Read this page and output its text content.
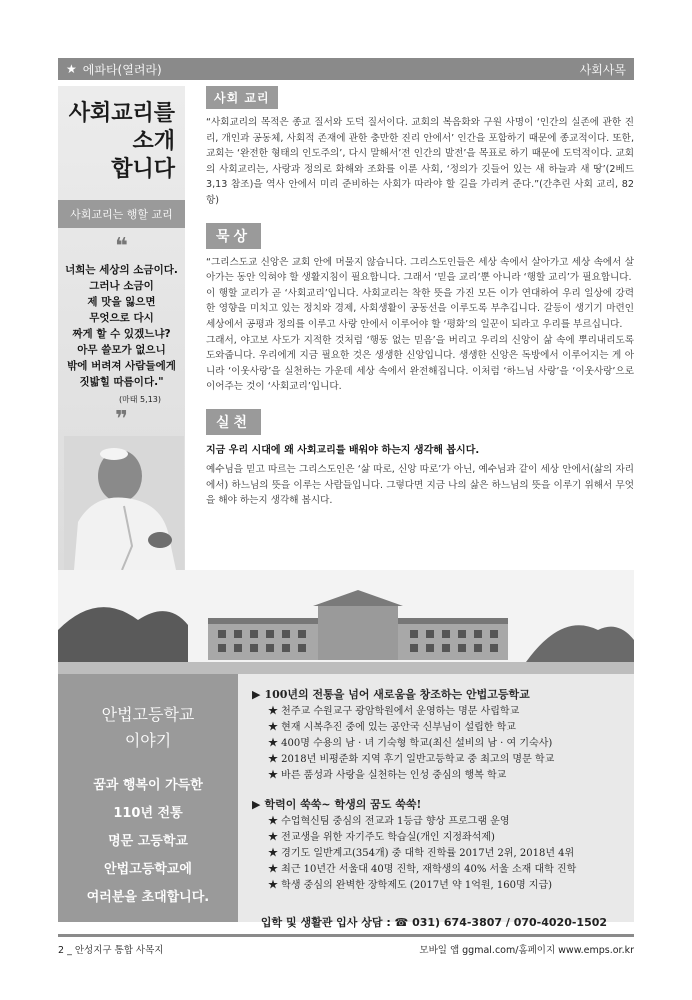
★ 에파타(열려라)	사회사목
사회교리를
소개
합니다
사회교리는 행할 교리
❝
너희는 세상의 소금이다.
그러나 소금이
제 맛을 잃으면
무엇으로 다시
짜게 할 수 있겠느냐?
아무 쓸모가 없으니
밖에 버려져 사람들에게
짓밟힐 따름이다."
(마태 5,13)
❞
사회 교리

“사회교리의 목적은 종교 질서와 도덕 질서이다. 교회의 복음화와 구원 사명이 ‘인간의 실존에 관한 진리, 개인과 공동체, 사회적 존재에 관한 충만한 진리 안에서’ 인간을 포함하기 때문에 종교적이다. 또한, 교회는 ‘완전한 형태의 인도주의’, 다시 말해서’전 인간의 발전’을 목표로 하기 때문에 도덕적이다. 교회의 사회교리는, 사랑과 정의로 화해와 조화를 이룬 사회, ‘정의가 깃들어 있는 새 하늘과 새 땅’(2베드 3,13 참조)을 역사 안에서 미리 준비하는 사회가 따라야 할 길을 가리켜 준다.”(간추린 사회 교리, 82항)

묵상

“그리스도교 신앙은 교회 안에 머물지 않습니다. 그리스도인들은 세상 속에서 살아가고 세상 속에서 살아가는 동안 익혀야 할 생활지침이 필요합니다. 그래서 ‘믿을 교리’뿐 아니라 ‘행할 교리’가 필요합니다.

이 행할 교리가 곧 ‘사회교리’입니다. 사회교리는 착한 뜻을 가진 모든 이가 연대하여 우리 일상에 강력한 영향을 미치고 있는 정치와 경제, 사회생활이 공동선을 이루도록 부추깁니다. 갈등이 생기기 마련인 세상에서 공평과 정의를 이루고 사랑 안에서 이루어야 할 ‘평화’의 일꾼이 되라고 우리를 부르십니다.

그래서, 야고보 사도가 지적한 것처럼 ‘행동 없는 믿음’을 버리고 우리의 신앙이 삶 속에 뿌리내리도록 도와줍니다. 우리에게 지금 필요한 것은 생생한 신앙입니다. 생생한 신앙은 독방에서 이루어지는 게 아니라 ‘이웃사랑’을 실천하는 가운데 세상 속에서 완전해집니다. 이처럼 ‘하느님 사랑’을 ‘이웃사랑’으로 이어주는 것이 ‘사회교리’입니다.

실천

지금 우리 시대에 왜 사회교리를 배워야 하는지 생각해 봅시다.

예수님을 믿고 따르는 그리스도인은 ‘삶 따로, 신앙 따로’가 아닌, 예수님과 같이 세상 안에서(삶의 자리에서) 하느님의 뜻을 이루는 사람들입니다. 그렇다면 지금 나의 삶은 하느님의 뜻을 이루기 위해서 무엇을 해야 하는지 생각해 봅시다.

안법고등학교
이야기
꿈과 행복이 가득한
110년 전통
명문 고등학교
안법고등학교에
여러분을 초대합니다.
▶ 100년의 전통을 넘어 새로움을 창조하는 안법고등학교
★ 천주교 수원교구 광암학원에서 운영하는 명문 사립학교
★ 현재 시복추진 중에 있는 공안국 신부님이 설립한 학교
★ 400명 수용의 남 · 녀 기숙형 학교(최신 설비의 남 · 여 기숙사)
★ 2018년 비평준화 지역 후기 일반고등학교 중 최고의 명문 학교
★ 바른 품성과 사랑을 실천하는 인성 중심의 행복 학교
▶ 학력이 쑥쑥~ 학생의 꿈도 쑥쑥!
★ 수업혁신팀 중심의 전교과 1등급 향상 프로그램 운영
★ 전교생을 위한 자기주도 학습실(개인 지정좌석제)
★ 경기도 일반계고(354개) 중 대학 진학률 2017년 2위, 2018년 4위
★ 최근 10년간 서울대 40명 진학, 재학생의 40% 서울 소재 대학 진학
★ 학생 중심의 완벽한 장학제도 (2017년 약 1억원, 160명 지급)
입학 및 생활관 입사 상담 : ☎ 031) 674-3807 / 070-4020-1502
2 _ 안성지구 통합 사목지	모바일 앱 ggmal.com/홈페이지 www.emps.or.kr
